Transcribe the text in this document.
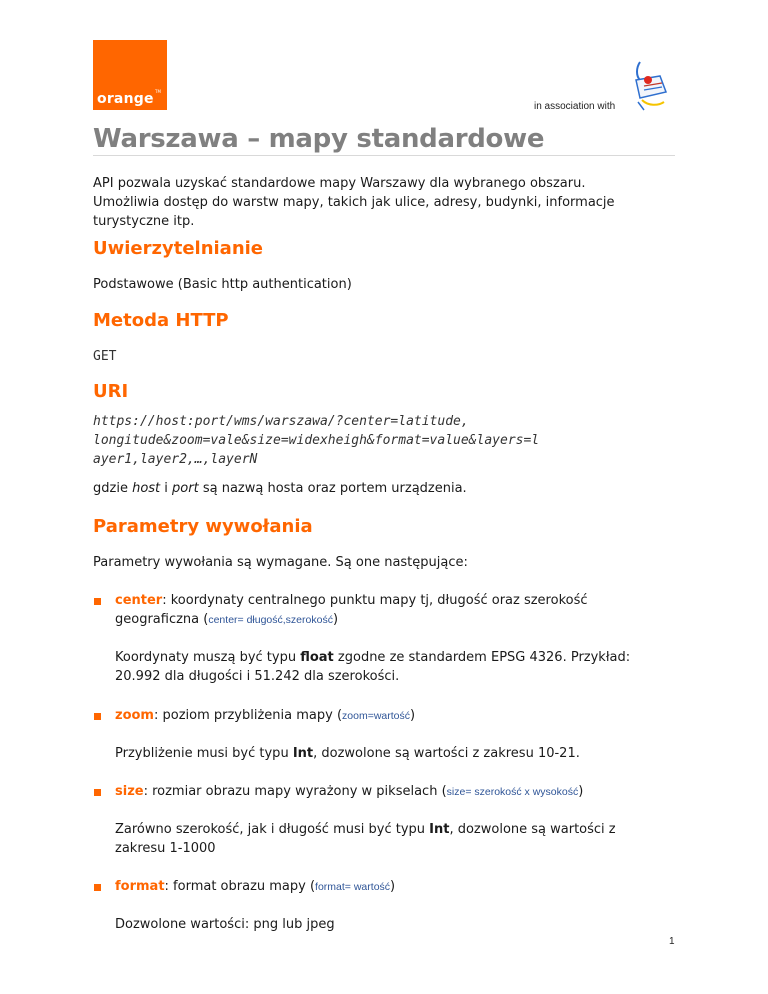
orange TM
in association with
Warszawa – mapy standardowe

API pozwala uzyskać standardowe mapy Warszawy dla wybranego obszaru.
Umożliwia dostęp do warstw mapy, takich jak ulice, adresy, budynki, informacje
turystyczne itp.

Uwierzytelnianie

Podstawowe (Basic http authentication)

Metoda HTTP

GET

URI

https://host:port/wms/warszawa/?center=latitude,
longitude&zoom=vale&size=widexheigh&format=value&layers=l
ayer1,layer2,…,layerN

gdzie host i port są nazwą hosta oraz portem urządzenia.

Parametry wywołania

Parametry wywołania są wymagane. Są one następujące:

center: koordynaty centralnego punktu mapy tj, długość oraz szerokość
geograficzna (center= długość,szerokość)

Koordynaty muszą być typu float zgodne ze standardem EPSG 4326. Przykład:
20.992 dla długości i 51.242 dla szerokości.

zoom: poziom przybliżenia mapy (zoom=wartość)

Przybliżenie musi być typu Int, dozwolone są wartości z zakresu 10-21.

size: rozmiar obrazu mapy wyrażony w pikselach (size= szerokość x wysokość)

Zarówno szerokość, jak i długość musi być typu Int, dozwolone są wartości z
zakresu 1-1000

format: format obrazu mapy (format= wartość)

Dozwolone wartości: png lub jpeg

1
